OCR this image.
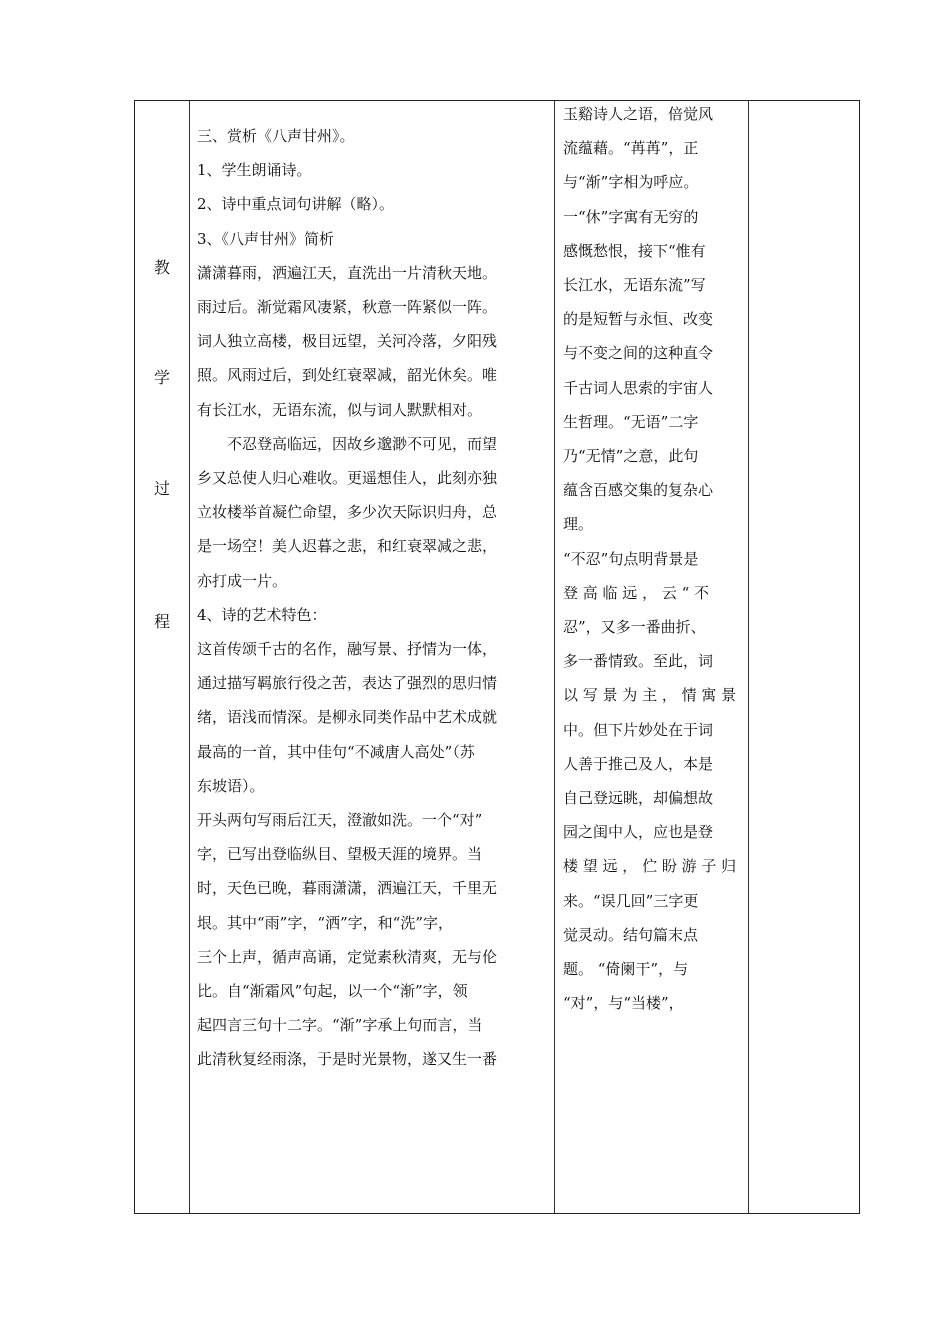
教
学
过
程

三、赏析《八声甘州》。

1、学生朗诵诗。

2、诗中重点词句讲解（略）。

3、《八声甘州》简析

潇潇暮雨，洒遍江天，直洗出一片清秋天地。

雨过后。渐觉霜风凄紧，秋意一阵紧似一阵。

词人独立高楼，极目远望，关河冷落，夕阳残

照。风雨过后，到处红衰翠减，韶光休矣。唯

有长江水，无语东流，似与词人默默相对。

不忍登高临远，因故乡邈渺不可见，而望

乡又总使人归心难收。更遥想佳人，此刻亦独

立妆楼举首凝伫命望，多少次天际识归舟，总

是一场空！美人迟暮之悲，和红衰翠减之悲，

亦打成一片。

4、诗的艺术特色：

这首传颂千古的名作，融写景、抒情为一体，

通过描写羁旅行役之苦，表达了强烈的思归情

绪，语浅而情深。是柳永同类作品中艺术成就

最高的一首，其中佳句“不减唐人高处”（苏

东坡语）。

开头两句写雨后江天，澄澈如洗。一个“对”

字，已写出登临纵目、望极天涯的境界。当

时，天色已晚，暮雨潇潇，洒遍江天，千里无

垠。其中“雨”字，“洒”字，和“洗”字，

三个上声，循声高诵，定觉素秋清爽，无与伦

比。自“渐霜风”句起，以一个“渐”字，领

起四言三句十二字。“渐”字承上句而言，当

此清秋复经雨涤，于是时光景物，遂又生一番

玉谿诗人之语，倍觉风

流蕴藉。“苒苒”，正

与“渐”字相为呼应。

一“休”字寓有无穷的

感慨愁恨，接下“惟有

长江水，无语东流”写

的是短暂与永恒、改变

与不变之间的这种直令

千古词人思索的宇宙人

生哲理。“无语”二字

乃“无情”之意，此句

蕴含百感交集的复杂心

理。

“不忍”句点明背景是

登 高 临 远 ， 云 “ 不

忍”，又多一番曲折、

多一番情致。至此，词

以 写 景 为 主 ， 情 寓 景

中。但下片妙处在于词

人善于推己及人，本是

自己登远眺，却偏想故

园之闺中人，应也是登

楼 望 远 ， 伫 盼 游 子 归

来。“误几回”三字更

觉灵动。结句篇末点

题。 “倚阑干”，与

“对”，与“当楼”，
